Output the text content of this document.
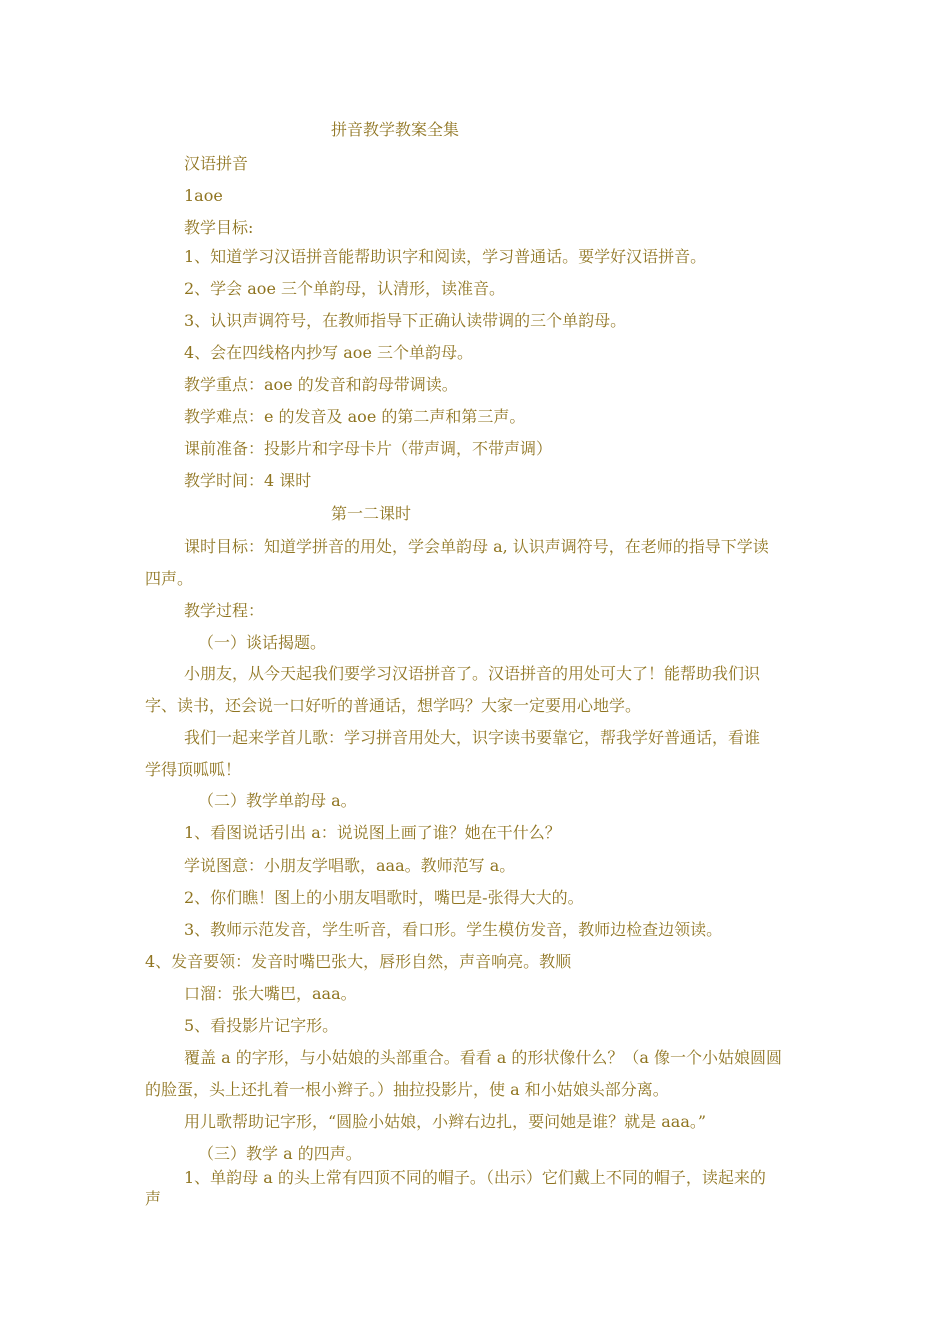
拼音教学教案全集
汉语拼音
1aoe
教学目标:
1、知道学习汉语拼音能帮助识字和阅读，学习普通话。要学好汉语拼音。
2、学会 aoe 三个单韵母，认清形，读准音。
3、认识声调符号，在教师指导下正确认读带调的三个单韵母。
4、会在四线格内抄写 aoe 三个单韵母。
教学重点：aoe 的发音和韵母带调读。
教学难点：e 的发音及 aoe 的第二声和第三声。
课前准备：投影片和字母卡片（带声调，不带声调）
教学时间：4 课时
第一二课时
课时目标：知道学拼音的用处，学会单韵母 a, 认识声调符号，在老师的指导下学读
四声。
教学过程：
（一）谈话揭题。
小朋友，从今天起我们要学习汉语拼音了。汉语拼音的用处可大了！能帮助我们识
字、读书，还会说一口好听的普通话，想学吗？大家一定要用心地学。
我们一起来学首儿歌：学习拼音用处大，识字读书要靠它，帮我学好普通话，看谁
学得顶呱呱！
（二）教学单韵母 a。
1、看图说话引出 a：说说图上画了谁？她在干什么？
学说图意：小朋友学唱歌，aaa。教师范写 a。
2、你们瞧！图上的小朋友唱歌时，嘴巴是-张得大大的。
3、教师示范发音，学生听音，看口形。学生模仿发音，教师边检查边领读。
4、发音要领：发音时嘴巴张大，唇形自然，声音响亮。教顺
口溜：张大嘴巴，aaa。
5、看投影片记字形。
覆盖 a 的字形，与小姑娘的头部重合。看看 a 的形状像什么？（a 像一个小姑娘圆圆
的脸蛋，头上还扎着一根小辫子。）抽拉投影片，使 a 和小姑娘头部分离。
用儿歌帮助记字形，“圆脸小姑娘，小辫右边扎，要问她是谁？就是 aaa。”
（三）教学 a 的四声。
1、单韵母 a 的头上常有四顶不同的帽子。（出示）它们戴上不同的帽子，读起来的
声
